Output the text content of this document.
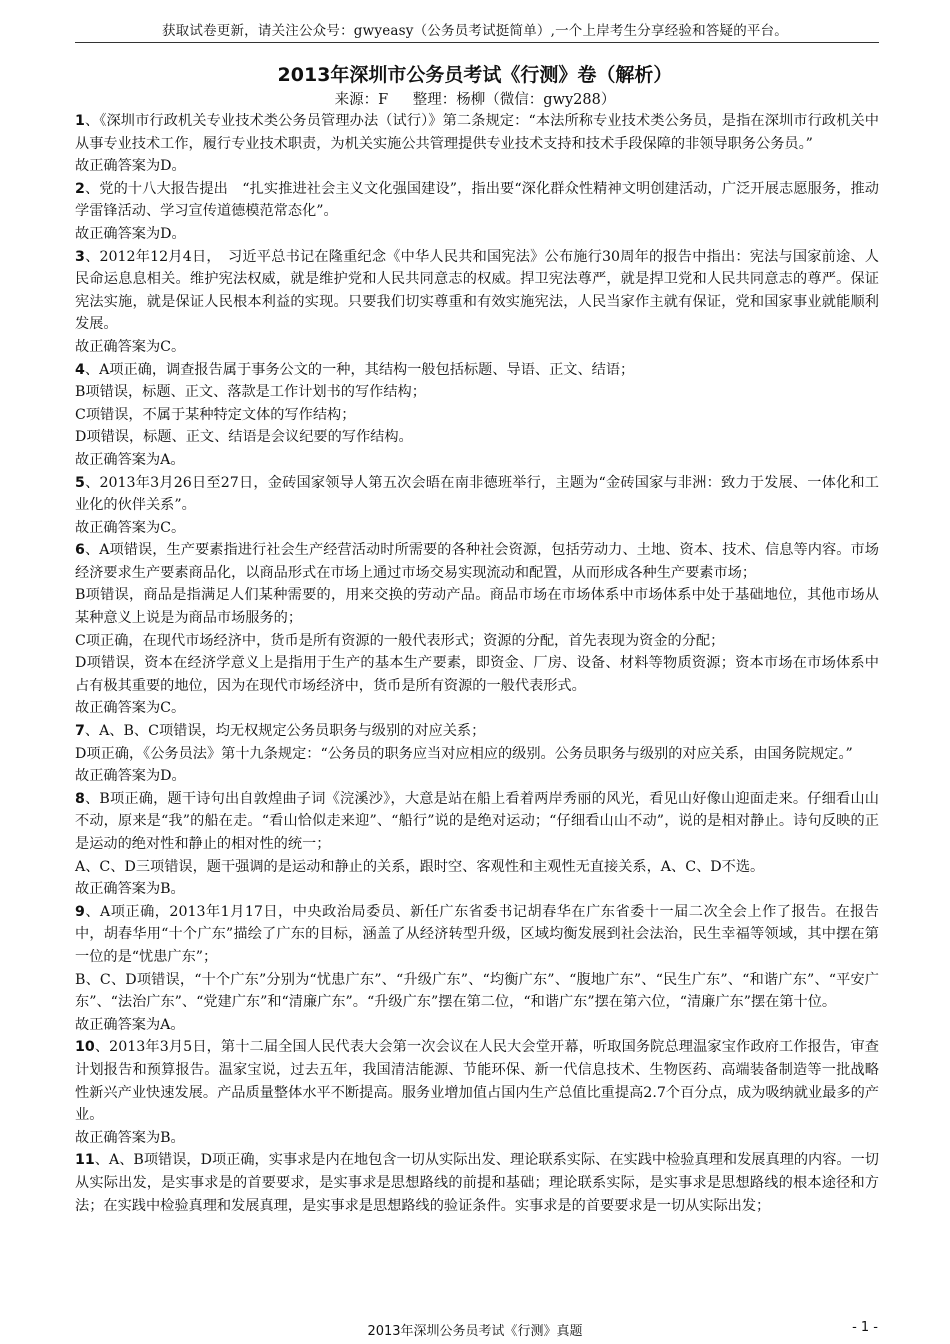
获取试卷更新，请关注公众号：gwyeasy（公务员考试挺简单）,一个上岸考生分享经验和答疑的平台。
2013年深圳市公务员考试《行测》卷（解析）
来源：F 整理：杨柳（微信：gwy288）

1、《深圳市行政机关专业技术类公务员管理办法（试行）》第二条规定：“本法所称专业技术类公务员，是指在深圳市行政机关中从事专业技术工作，履行专业技术职责，为机关实施公共管理提供专业技术支持和技术手段保障的非领导职务公务员。”

故正确答案为D。

2、党的十八大报告提出　“扎实推进社会主义文化强国建设”，指出要“深化群众性精神文明创建活动，广泛开展志愿服务，推动学雷锋活动、学习宣传道德模范常态化”。

故正确答案为D。

3、2012年12月4日，　习近平总书记在隆重纪念《中华人民共和国宪法》公布施行30周年的报告中指出：宪法与国家前途、人民命运息息相关。维护宪法权威，就是维护党和人民共同意志的权威。捍卫宪法尊严，就是捍卫党和人民共同意志的尊严。保证宪法实施，就是保证人民根本利益的实现。只要我们切实尊重和有效实施宪法，人民当家作主就有保证，党和国家事业就能顺利发展。

故正确答案为C。

4、A项正确，调查报告属于事务公文的一种，其结构一般包括标题、导语、正文、结语；

B项错误，标题、正文、落款是工作计划书的写作结构；

C项错误，不属于某种特定文体的写作结构；

D项错误，标题、正文、结语是会议纪要的写作结构。

故正确答案为A。

5、2013年3月26日至27日，金砖国家领导人第五次会晤在南非德班举行，主题为“金砖国家与非洲：致力于发展、一体化和工业化的伙伴关系”。

故正确答案为C。

6、A项错误，生产要素指进行社会生产经营活动时所需要的各种社会资源，包括劳动力、土地、资本、技术、信息等内容。市场经济要求生产要素商品化，以商品形式在市场上通过市场交易实现流动和配置，从而形成各种生产要素市场；

B项错误，商品是指满足人们某种需要的，用来交换的劳动产品。商品市场在市场体系中市场体系中处于基础地位，其他市场从某种意义上说是为商品市场服务的；

C项正确，在现代市场经济中，货币是所有资源的一般代表形式；资源的分配，首先表现为资金的分配；

D项错误，资本在经济学意义上是指用于生产的基本生产要素，即资金、厂房、设备、材料等物质资源；资本市场在市场体系中占有极其重要的地位，因为在现代市场经济中，货币是所有资源的一般代表形式。

故正确答案为C。

7、A、B、C项错误，均无权规定公务员职务与级别的对应关系；

D项正确，《公务员法》第十九条规定：“公务员的职务应当对应相应的级别。公务员职务与级别的对应关系，由国务院规定。”

故正确答案为D。

8、B项正确，题干诗句出自敦煌曲子词《浣溪沙》，大意是站在船上看着两岸秀丽的风光，看见山好像山迎面走来。仔细看山山不动，原来是“我”的船在走。“看山恰似走来迎”、“船行”说的是绝对运动；“仔细看山山不动”，说的是相对静止。诗句反映的正是运动的绝对性和静止的相对性的统一；

A、C、D三项错误，题干强调的是运动和静止的关系，跟时空、客观性和主观性无直接关系，A、C、D不选。

故正确答案为B。

9、A项正确，2013年1月17日，中央政治局委员、新任广东省委书记胡春华在广东省委十一届二次全会上作了报告。在报告中，胡春华用“十个广东”描绘了广东的目标，涵盖了从经济转型升级，区域均衡发展到社会法治，民生幸福等领域，其中摆在第一位的是“忧患广东”；

B、C、D项错误，“十个广东”分别为“忧患广东”、“升级广东”、“均衡广东”、“腹地广东”、“民生广东”、“和谐广东”、“平安广东”、“法治广东”、“党建广东”和“清廉广东”。“升级广东”摆在第二位，“和谐广东”摆在第六位，“清廉广东”摆在第十位。

故正确答案为A。

10、2013年3月5日，第十二届全国人民代表大会第一次会议在人民大会堂开幕，听取国务院总理温家宝作政府工作报告，审查计划报告和预算报告。温家宝说，过去五年，我国清洁能源、节能环保、新一代信息技术、生物医药、高端装备制造等一批战略性新兴产业快速发展。产品质量整体水平不断提高。服务业增加值占国内生产总值比重提高2.7个百分点，成为吸纳就业最多的产业。

故正确答案为B。

11、A、B项错误，D项正确，实事求是内在地包含一切从实际出发、理论联系实际、在实践中检验真理和发展真理的内容。一切从实际出发，是实事求是的首要要求，是实事求是思想路线的前提和基础；理论联系实际，是实事求是思想路线的根本途径和方法；在实践中检验真理和发展真理，是实事求是思想路线的验证条件。实事求是的首要要求是一切从实际出发；

2013年深圳公务员考试《行测》真题	- 1 -
